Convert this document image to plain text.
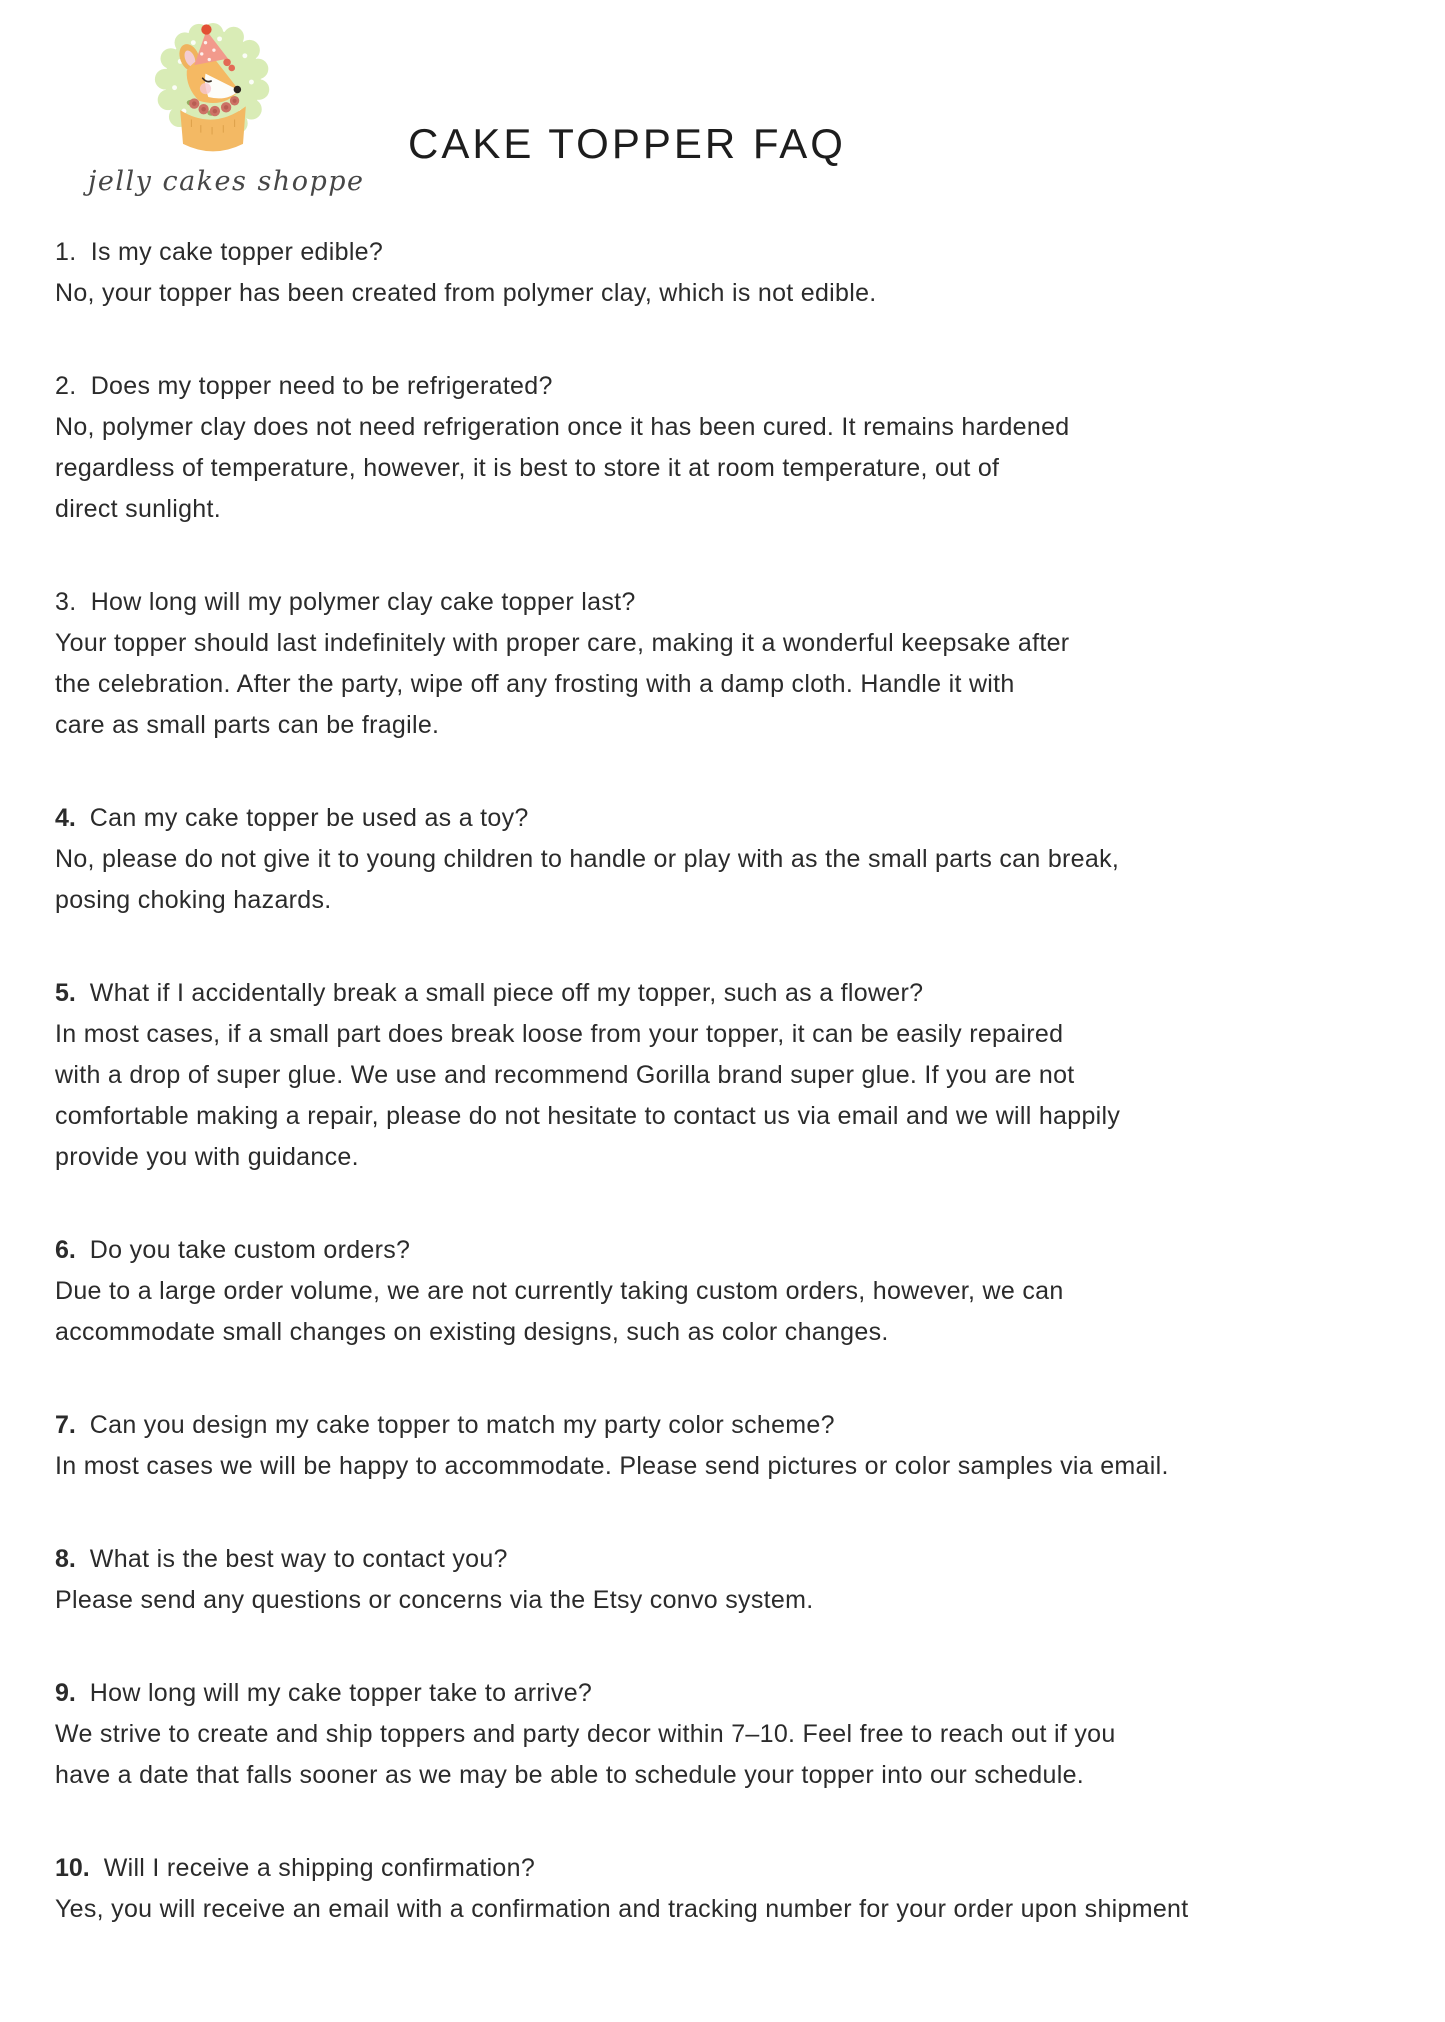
jelly cakes shoppe
CAKE TOPPER FAQ
1. Is my cake topper edible?
No, your topper has been created from polymer clay, which is not edible.
2. Does my topper need to be refrigerated?
No, polymer clay does not need refrigeration once it has been cured. It remains hardened
regardless of temperature, however, it is best to store it at room temperature, out of
direct sunlight.
3. How long will my polymer clay cake topper last?
Your topper should last indefinitely with proper care, making it a wonderful keepsake after
the celebration. After the party, wipe off any frosting with a damp cloth. Handle it with
care as small parts can be fragile.
4. Can my cake topper be used as a toy?
No, please do not give it to young children to handle or play with as the small parts can break,
posing choking hazards.
5. What if I accidentally break a small piece off my topper, such as a flower?
In most cases, if a small part does break loose from your topper, it can be easily repaired
with a drop of super glue. We use and recommend Gorilla brand super glue. If you are not
comfortable making a repair, please do not hesitate to contact us via email and we will happily
provide you with guidance.
6. Do you take custom orders?
Due to a large order volume, we are not currently taking custom orders, however, we can
accommodate small changes on existing designs, such as color changes.
7. Can you design my cake topper to match my party color scheme?
In most cases we will be happy to accommodate. Please send pictures or color samples via email.
8. What is the best way to contact you?
Please send any questions or concerns via the Etsy convo system.
9. How long will my cake topper take to arrive?
We strive to create and ship toppers and party decor within 7–10. Feel free to reach out if you
have a date that falls sooner as we may be able to schedule your topper into our schedule.
10. Will I receive a shipping confirmation?
Yes, you will receive an email with a confirmation and tracking number for your order upon shipment
